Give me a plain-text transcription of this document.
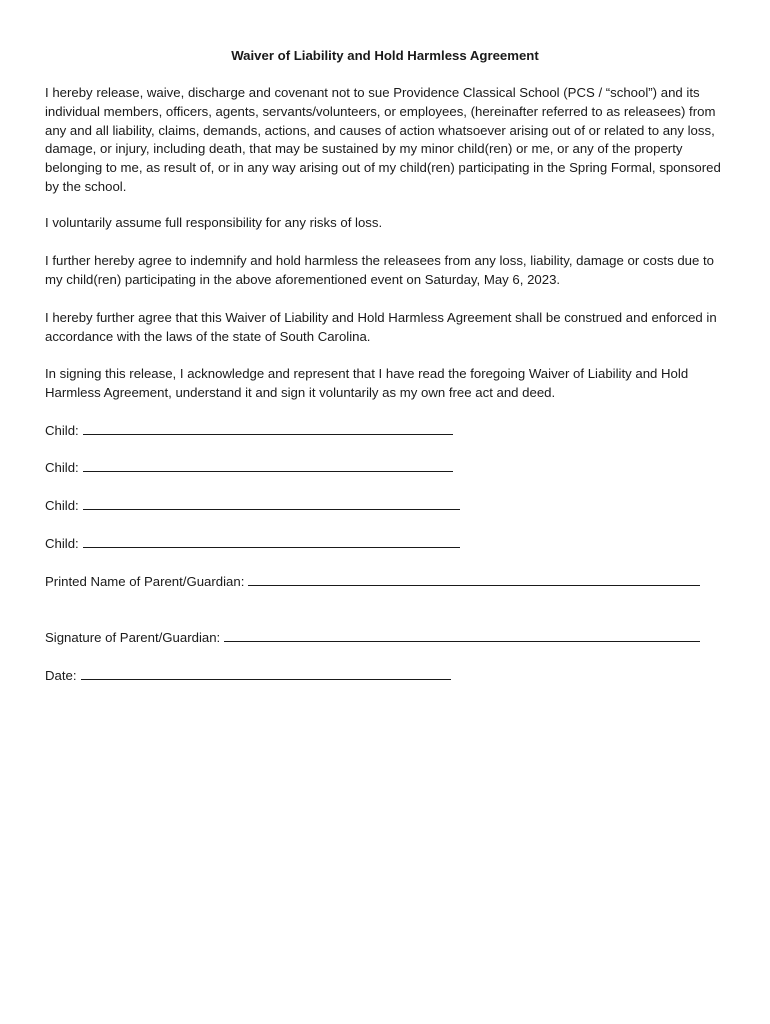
Waiver of Liability and Hold Harmless Agreement

I hereby release, waive, discharge and covenant not to sue Providence Classical School (PCS / “school”) and its individual members, officers, agents, servants/volunteers, or employees, (hereinafter referred to as releasees) from any and all liability, claims, demands, actions, and causes of action whatsoever arising out of or related to any loss, damage, or injury, including death, that may be sustained by my minor child(ren) or me, or any of the property belonging to me, as result of, or in any way arising out of my child(ren) participating in the Spring Formal, sponsored by the school.

I voluntarily assume full responsibility for any risks of loss.

I further hereby agree to indemnify and hold harmless the releasees from any loss, liability, damage or costs due to my child(ren) participating in the above aforementioned event on Saturday, May 6, 2023.

I hereby further agree that this Waiver of Liability and Hold Harmless Agreement shall be construed and enforced in accordance with the laws of the state of South Carolina.

In signing this release, I acknowledge and represent that I have read the foregoing Waiver of Liability and Hold Harmless Agreement, understand it and sign it voluntarily as my own free act and deed.

Child:
Child:
Child:
Child:
Printed Name of Parent/Guardian:
Signature of Parent/Guardian:
Date:
